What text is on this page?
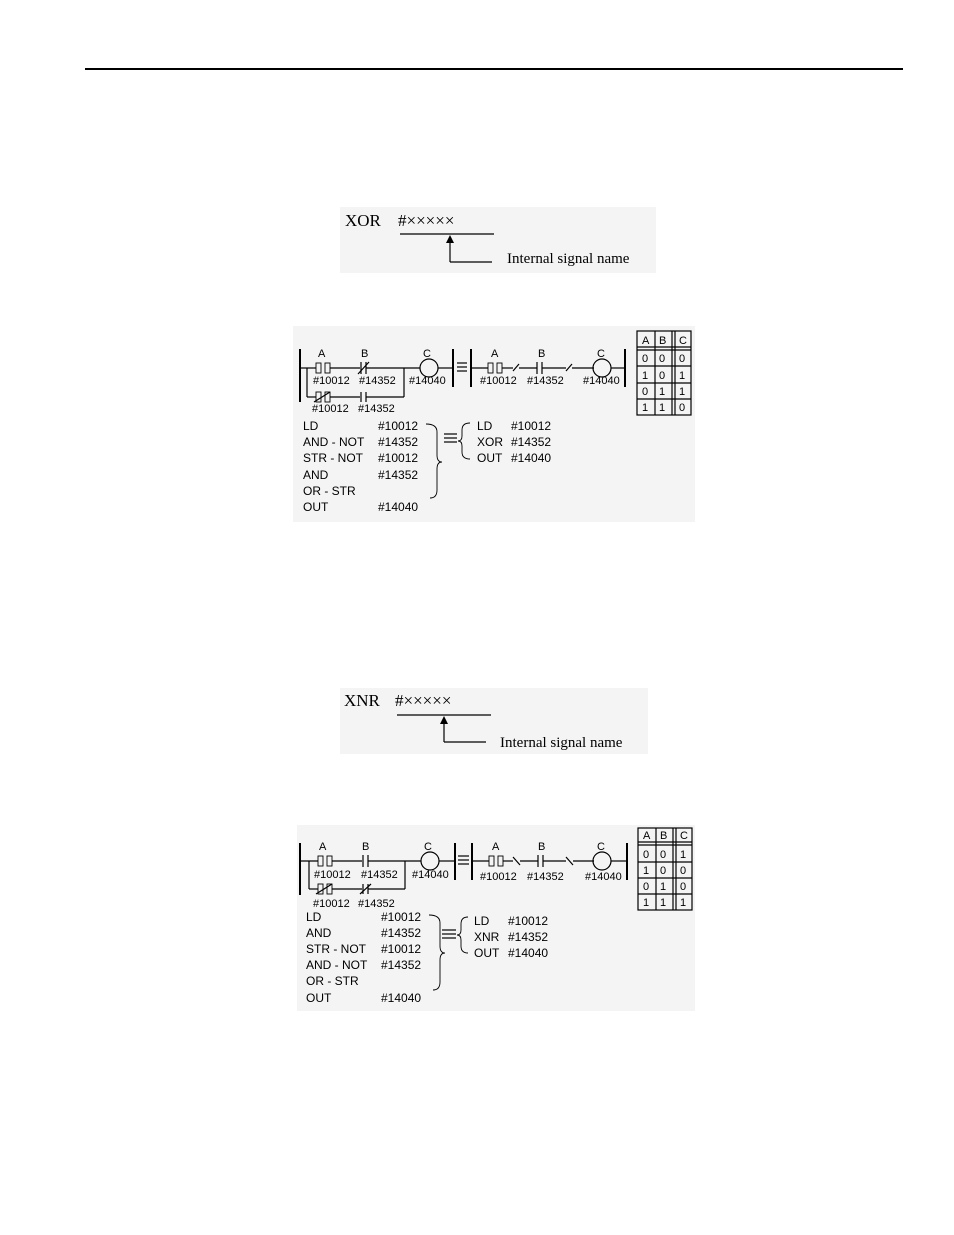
XOR #×××××
Internal signal name
A	B	C
#10012 #14352 #14040
#10012 #14352
A	B	C
#10012 #14352 #14040
A B C
0 0 0
1 0 1
0 1 1
1 1 0
LD	#10012
AND - NOT #14352
STR - NOT #10012
AND	#14352
OR - STR
OUT	#14040
LD #10012
XOR #14352
OUT #14040
XNR #×××××
Internal signal name
A	B	C
#10012 #14352 #14040
#10012 #14352
A	B	C
#10012 #14352 #14040
A B C
0 0 1
1 0 0
0 1 0
1 1 1
LD	#10012
AND	#14352
STR - NOT #10012
AND - NOT #14352
OR - STR
OUT	#14040
LD #10012
XNR #14352
OUT #14040
